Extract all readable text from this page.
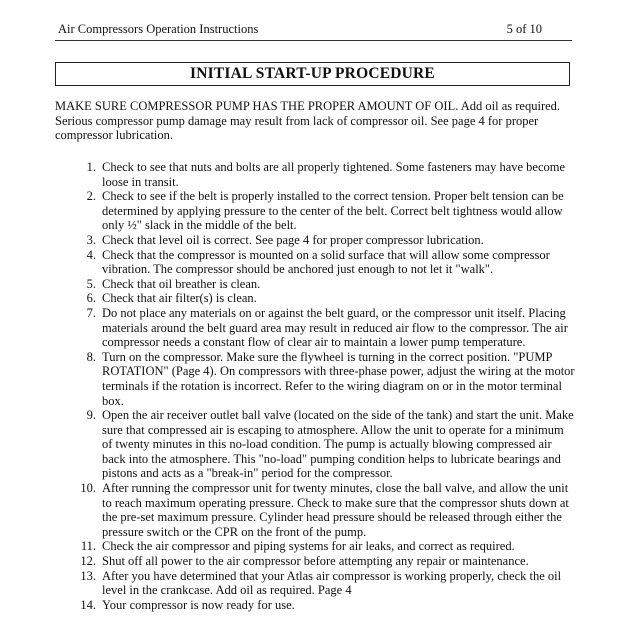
Air Compressors Operation Instructions	5 of 10
INITIAL START-UP PROCEDURE

MAKE SURE COMPRESSOR PUMP HAS THE PROPER AMOUNT OF OIL. Add oil as required. Serious compressor pump damage may result from lack of compressor oil. See page 4 for proper compressor lubrication.

1. Check to see that nuts and bolts are all properly tightened. Some fasteners may have become loose in transit.
2. Check to see if the belt is properly installed to the correct tension. Proper belt tension can be determined by applying pressure to the center of the belt. Correct belt tightness would allow only ½" slack in the middle of the belt.
3. Check that level oil is correct. See page 4 for proper compressor lubrication.
4. Check that the compressor is mounted on a solid surface that will allow some compressor vibration. The compressor should be anchored just enough to not let it "walk".
5. Check that oil breather is clean.
6. Check that air filter(s) is clean.
7. Do not place any materials on or against the belt guard, or the compressor unit itself. Placing materials around the belt guard area may result in reduced air flow to the compressor. The air compressor needs a constant flow of clear air to maintain a lower pump temperature.
8. Turn on the compressor. Make sure the flywheel is turning in the correct position. "PUMP ROTATION" (Page 4). On compressors with three-phase power, adjust the wiring at the motor terminals if the rotation is incorrect. Refer to the wiring diagram on or in the motor terminal box.
9. Open the air receiver outlet ball valve (located on the side of the tank) and start the unit. Make sure that compressed air is escaping to atmosphere. Allow the unit to operate for a minimum of twenty minutes in this no-load condition. The pump is actually blowing compressed air back into the atmosphere. This "no-load" pumping condition helps to lubricate bearings and pistons and acts as a "break-in" period for the compressor.
10. After running the compressor unit for twenty minutes, close the ball valve, and allow the unit to reach maximum operating pressure. Check to make sure that the compressor shuts down at the pre-set maximum pressure. Cylinder head pressure should be released through either the pressure switch or the CPR on the front of the pump.
11. Check the air compressor and piping systems for air leaks, and correct as required.
12. Shut off all power to the air compressor before attempting any repair or maintenance.
13. After you have determined that your Atlas air compressor is working properly, check the oil level in the crankcase. Add oil as required. Page 4
14. Your compressor is now ready for use.
